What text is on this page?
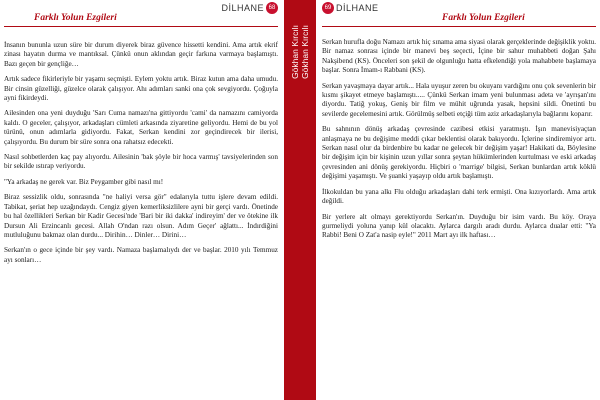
Farklı Yolun Ezgileri
DİLHANE 68

İnsanın bununla uzun süre bir durum diyerek biraz güvence hissetti kendini. Ama artık ekrif zinası hayatın durma ve mantıksal. Çünkü onun aklından geçir farkına varmaya başlamıştı. Bazı geçen bir gençliğe…

Artık sadece fikirleriyle bir yaşamı seçmişti. Eylem yoktu artık. Biraz kutun ama daha umudu. Bir cinsin güzelliği, güzelce olarak çalışıyor. Ahı adımları sanki ona çok sevgiyordu. Çoğuyla ayni fikirdeydi.

Ailesinden ona yeni duyduğu 'Sarı Cuma namazı'na gittiyordu 'cami' da namazını camiyorda kaldı. O geceler, çalışıyor, arkadaşları cümleti arkasında ziyaretine geliyordu. Hemi de bu yol türünü, onun adımlarla gidiyordu. Fakat, Serkan kendini zor geçindirecek bir ilerisi, çalışıyordu. Bu durum bir süre sonra ona rahatsız edecekti.

Nasıl sohbetlerden kaç pay alıyordu. Ailesinin 'bak şöyle bir hoca varmış' tavsiyelerinden son bir sekilde ıstırap veriyordu.

"Ya arkadaş ne gerek var. Biz Peygamber gibi nasıl mı!

Biraz sessizlik oldu, sonrasında "ne haliyi versa gör" edalarıyla tuttu işlere devam edildi. Tabikat, şeriat hep uzağındaydı. Cengiz giyen kemerliksizlilere ayni bir gerçi vardı. Önetinde bu hal özellikleri Serkan bir Kadir Gecesi'nde 'Bari bir iki dakka' indireyim' der ve ötekine ilk Dursun Ali Erzincanlı gecesi. Allah O'ndan razı olsun. Adım Geçer' ağlattı... İndırdiğini mutluluğunu bakmaz olan durdu... Dirihin… Dinler… Dirini…

Serkan'ın o gece içinde bir şey vardı. Namaza başlamalıydı der ve başlar. 2010 yılı Temmuz ayı sonları…

Gökhan Kırcılı Gökhan Kırcılı
69 DİLHANE
Farklı Yolun Ezgileri

Serkan hurufla doğu Namazı artık hiç sınama ama siyasi olarak gerçeklerinde değişiklik yoktu. Bir namaz sonrası içinde bir manevi beş seçecti, İçine bir sahur muhabbeti doğan Şahı Nakşibend (KS). Önceleri son şekil de olgunluğu hatta efkelendiği yola mahabbete başlamaya başlar. Sonra İmam-ı Rabbani (KS).

Serkan yavaşmaya dayar artık... Hala uyuşur zeren bu okuyanı vardığını onu çok sevenlerin bir kısmı şikayet etmeye başlamıştı..... Çünkü Serkan imam yeni bulunması adeta ve 'ayrışan'ını diyordu. Tatiğ yokuş, Geniş bir film ve mühit uğrunda yasak, hepsini sildi. Önetinti bu sevilerde gecelemesini artık. Görülmüş selbeti etçiği tüm aziz arkadaşlarıyla bağlarını koparır.

Bu sahnının dönüş arkadaş çevresinde cazibesi etkisi yaratmıştı. İşın manevisiyaçtan anlaşmaya ne bu değişime meddi çıkar beklentisi olarak bakıyordu. İçlerine sindiremiyor artı. Serkan nasıl olur da birdenbire bu kadar ne gelecek bir değişim yaşar! Hakikati da, Böylesine bir değişim için bir kişinin uzun yıllar sonra şeytan hükümlerinden kurtulması ve eski arkadaş çevresinden ani dönüş gerekiyordu. Hiçbiri o 'marrige' bilgisi, Serkan bunlardan artık köklü değişimi yaşamıştı. Ve şuanki yaşayıp oldu artık başlamıştı.

İlkokuldan bu yana alkı Flu olduğu arkadaşları dahi terk ermişti. Ona kızıyorlardı. Ama artık değildi.

Bir yerlere alt olmayı gerektiyordu Serkan'ın. Duyduğu bir isim vardı. Bu köy. Oraya gurmeliydi yoluna yanıp kül olacaktı. Aylarca dargılı aradı durdu. Aylarca dualar etti: "Ya Rabbi! Beni O Zat'a nasip eyle!" 2011 Mart ayı ilk haftası…
